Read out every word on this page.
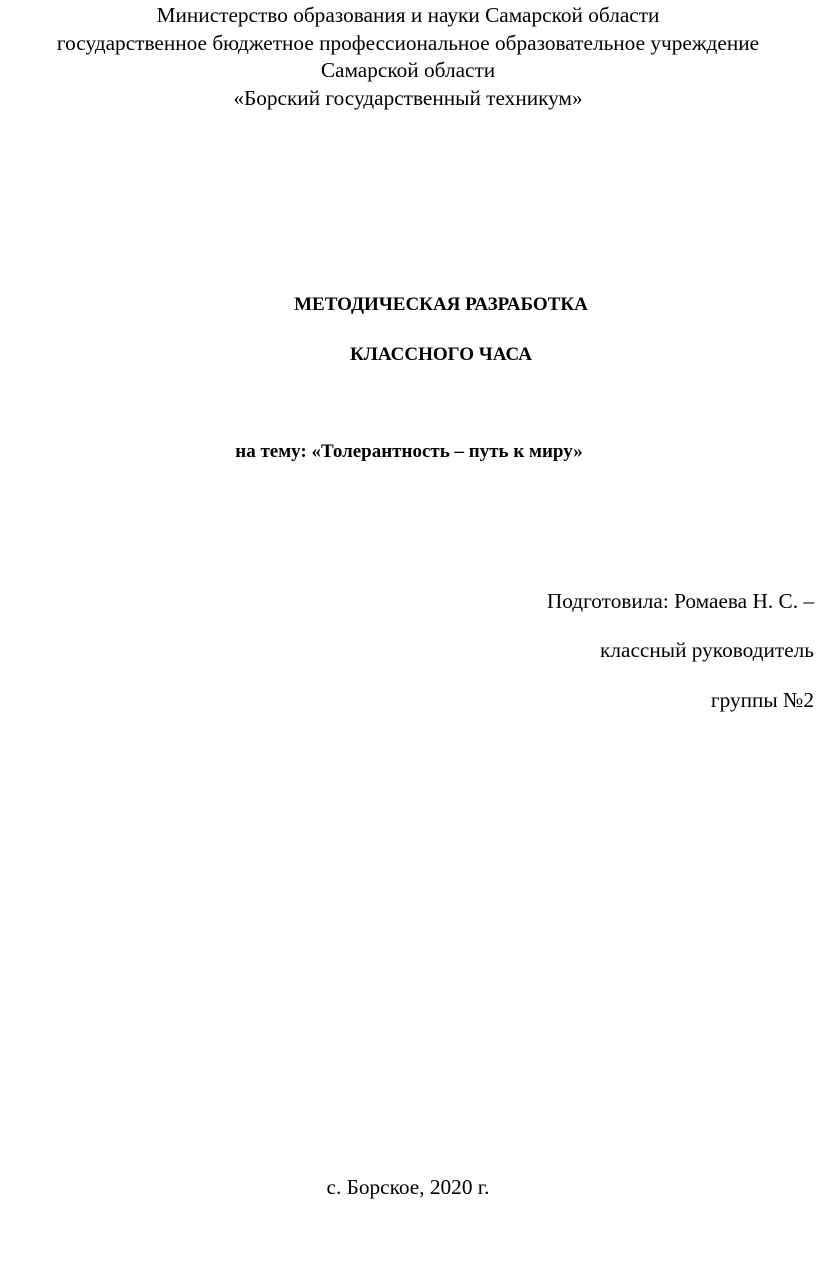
Министерство образования и науки Самарской области
государственное бюджетное профессиональное образовательное учреждение
Самарской области
«Борский государственный техникум»
МЕТОДИЧЕСКАЯ РАЗРАБОТКА
КЛАССНОГО ЧАСА
на тему: «Толерантность – путь к миру»
Подготовила: Ромаева Н. С. –
классный руководитель
группы №2
с. Борское, 2020 г.
